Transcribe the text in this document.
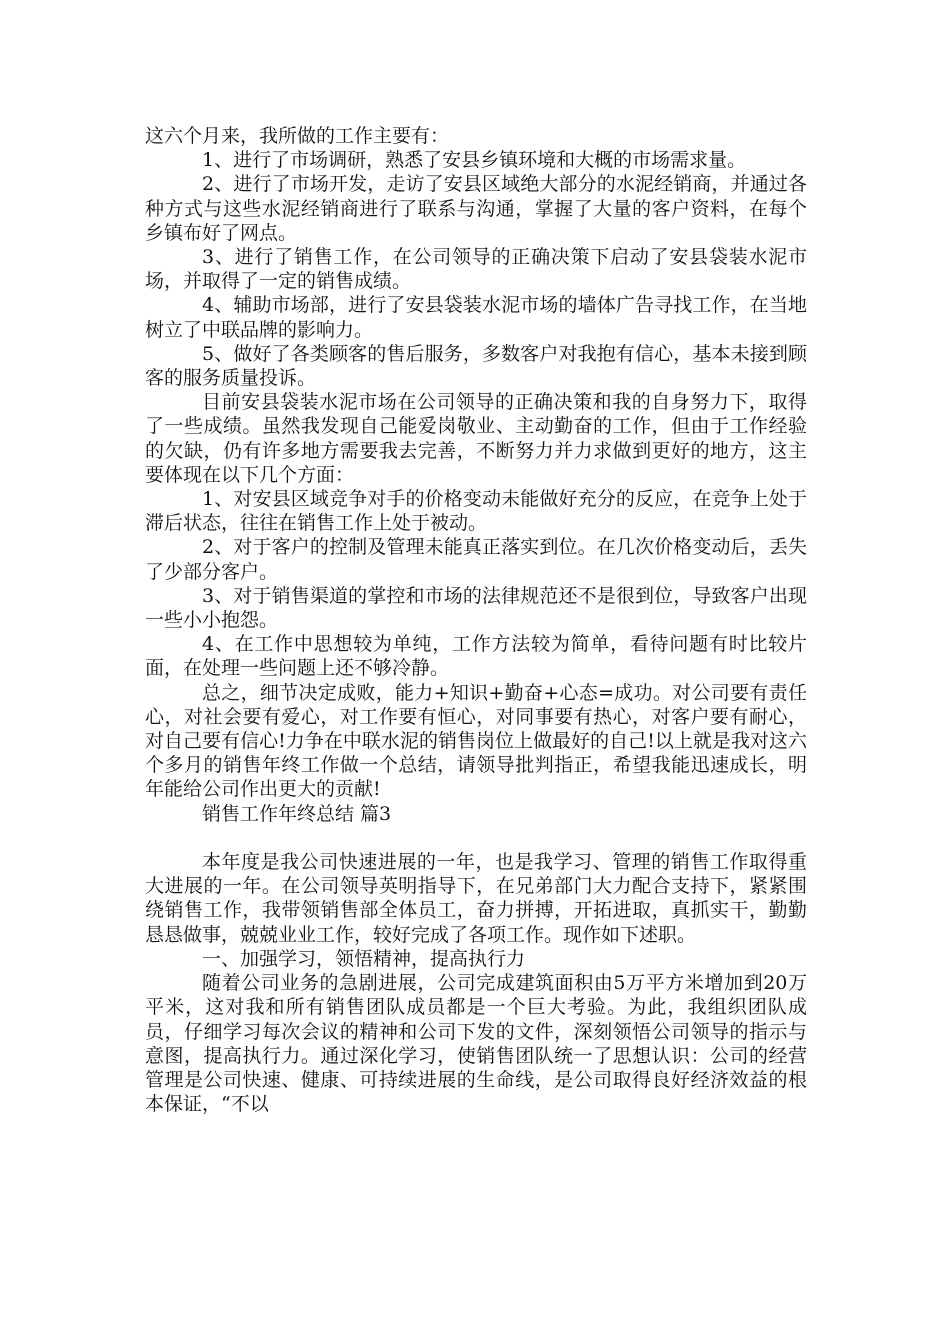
这六个月来，我所做的工作主要有：

1、进行了市场调研，熟悉了安县乡镇环境和大概的市场需求量。

2、进行了市场开发，走访了安县区域绝大部分的水泥经销商，并通过各种方式与这些水泥经销商进行了联系与沟通，掌握了大量的客户资料，在每个乡镇布好了网点。

3、进行了销售工作，在公司领导的正确决策下启动了安县袋装水泥市场，并取得了一定的销售成绩。

4、辅助市场部，进行了安县袋装水泥市场的墙体广告寻找工作，在当地树立了中联品牌的影响力。

5、做好了各类顾客的售后服务，多数客户对我抱有信心，基本未接到顾客的服务质量投诉。

目前安县袋装水泥市场在公司领导的正确决策和我的自身努力下，取得了一些成绩。虽然我发现自己能爱岗敬业、主动勤奋的工作，但由于工作经验的欠缺，仍有许多地方需要我去完善，不断努力并力求做到更好的地方，这主要体现在以下几个方面：

1、对安县区域竞争对手的价格变动未能做好充分的反应，在竞争上处于滞后状态，往往在销售工作上处于被动。

2、对于客户的控制及管理未能真正落实到位。在几次价格变动后，丢失了少部分客户。

3、对于销售渠道的掌控和市场的法律规范还不是很到位，导致客户出现一些小小抱怨。

4、在工作中思想较为单纯，工作方法较为简单，看待问题有时比较片面，在处理一些问题上还不够冷静。

总之，细节决定成败，能力+知识+勤奋+心态=成功。对公司要有责任心，对社会要有爱心，对工作要有恒心，对同事要有热心，对客户要有耐心，对自己要有信心!力争在中联水泥的销售岗位上做最好的自己!以上就是我对这六个多月的销售年终工作做一个总结，请领导批判指正，希望我能迅速成长，明年能给公司作出更大的贡献!

销售工作年终总结 篇3

本年度是我公司快速进展的一年，也是我学习、管理的销售工作取得重大进展的一年。在公司领导英明指导下，在兄弟部门大力配合支持下，紧紧围绕销售工作，我带领销售部全体员工，奋力拼搏，开拓进取，真抓实干，勤勤恳恳做事，兢兢业业工作，较好完成了各项工作。现作如下述职。

一、加强学习，领悟精神，提高执行力

随着公司业务的急剧进展，公司完成建筑面积由5万平方米增加到20万平米，这对我和所有销售团队成员都是一个巨大考验。为此，我组织团队成员，仔细学习每次会议的精神和公司下发的文件，深刻领悟公司领导的指示与意图，提高执行力。通过深化学习，使销售团队统一了思想认识：公司的经营管理是公司快速、健康、可持续进展的生命线，是公司取得良好经济效益的根本保证，“不以
